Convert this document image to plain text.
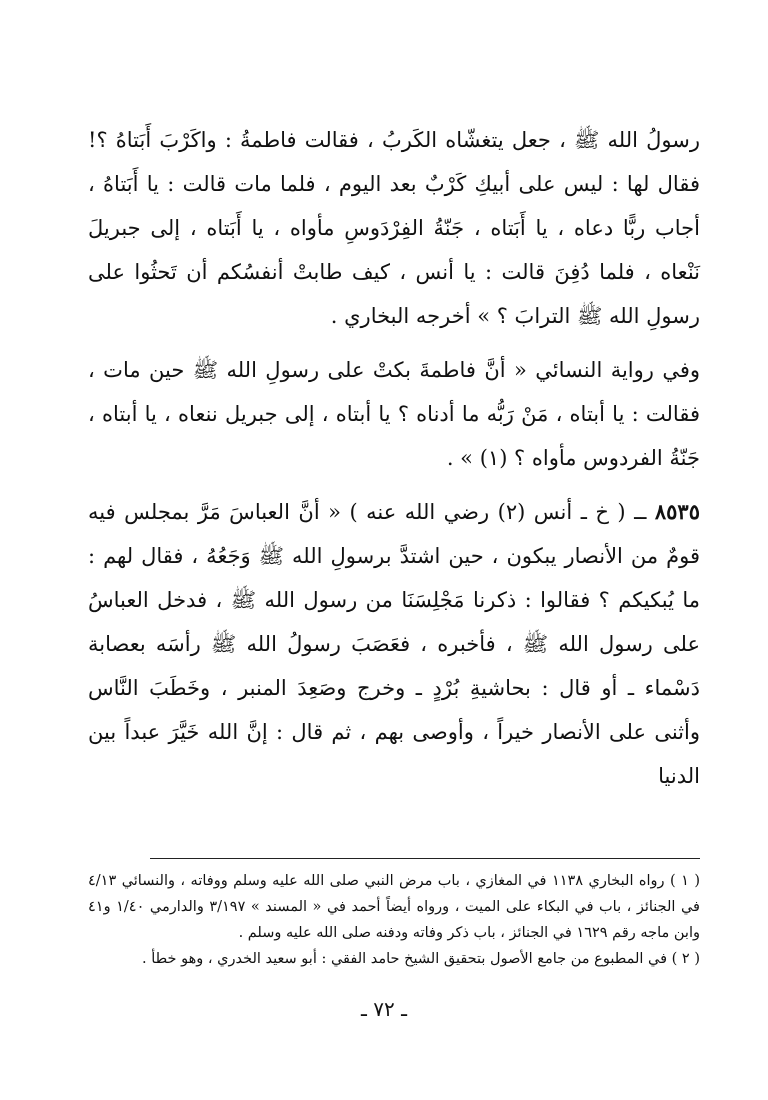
رسولُ الله ﷺ ، جعل يتغشّاه الكَربُ ، فقالت فاطمةُ : واكَرْبَ أَبَتاهُ ؟! فقال لها : ليس على أبيكِ كَرْبٌ بعد اليوم ، فلما مات قالت : يا أَبَتاهُ ، أجاب ربًّا دعاه ، يا أَبَتاه ، جَنّةُ الفِرْدَوسِ مأواه ، يا أَبَتاه ، إلى جبريلَ نَنْعاه ، فلما دُفِنَ قالت : يا أنس ، كيف طابتْ أنفسُكم أن تَحثُوا على رسولِ الله ﷺ الترابَ ؟ » أخرجه البخاري .

وفي رواية النسائي « أنَّ فاطمةَ بكتْ على رسولِ الله ﷺ حين مات ، فقالت : يا أبتاه ، مَنْ رَبُّه ما أدناه ؟ يا أبتاه ، إلى جبريل ننعاه ، يا أبتاه ، جَنّةُ الفردوس مأواه ؟ (١) » .

٨٥٣٥ ــ ( خ ـ أنس (٢) رضي الله عنه ) « أنَّ العباسَ مَرَّ بمجلس فيه قومٌ من الأنصار يبكون ، حين اشتدَّ برسولِ الله ﷺ وَجَعُهُ ، فقال لهم : ما يُبكيكم ؟ فقالوا : ذكرنا مَجْلِسَنَا من رسول الله ﷺ ، فدخل العباسُ على رسول الله ﷺ ، فأخبره ، فعَصَبَ رسولُ الله ﷺ رأسَه بعصابة دَسْماء ـ أو قال : بحاشيةِ بُرْدٍ ـ وخرج وصَعِدَ المنبر ، وخَطَبَ النَّاس وأثنى على الأنصار خيراً ، وأوصى بهم ، ثم قال : إنَّ الله خَيَّرَ عبداً بين الدنيا

( ١ ) رواه البخاري ١١٣٨ في المغازي ، باب مرض النبي صلى الله عليه وسلم ووفاته ، والنسائي ٤/١٣ في الجنائز ، باب في البكاء على الميت ، ورواه أيضاً أحمد في « المسند » ٣/١٩٧ والدارمي ١/٤٠ و٤١ وابن ماجه رقم ١٦٢٩ في الجنائز ، باب ذكر وفاته ودفنه صلى الله عليه وسلم .

( ٢ ) في المطبوع من جامع الأصول بتحقيق الشيخ حامد الفقي : أبو سعيد الخدري ، وهو خطأ .

ـ ٧٢ ـ
